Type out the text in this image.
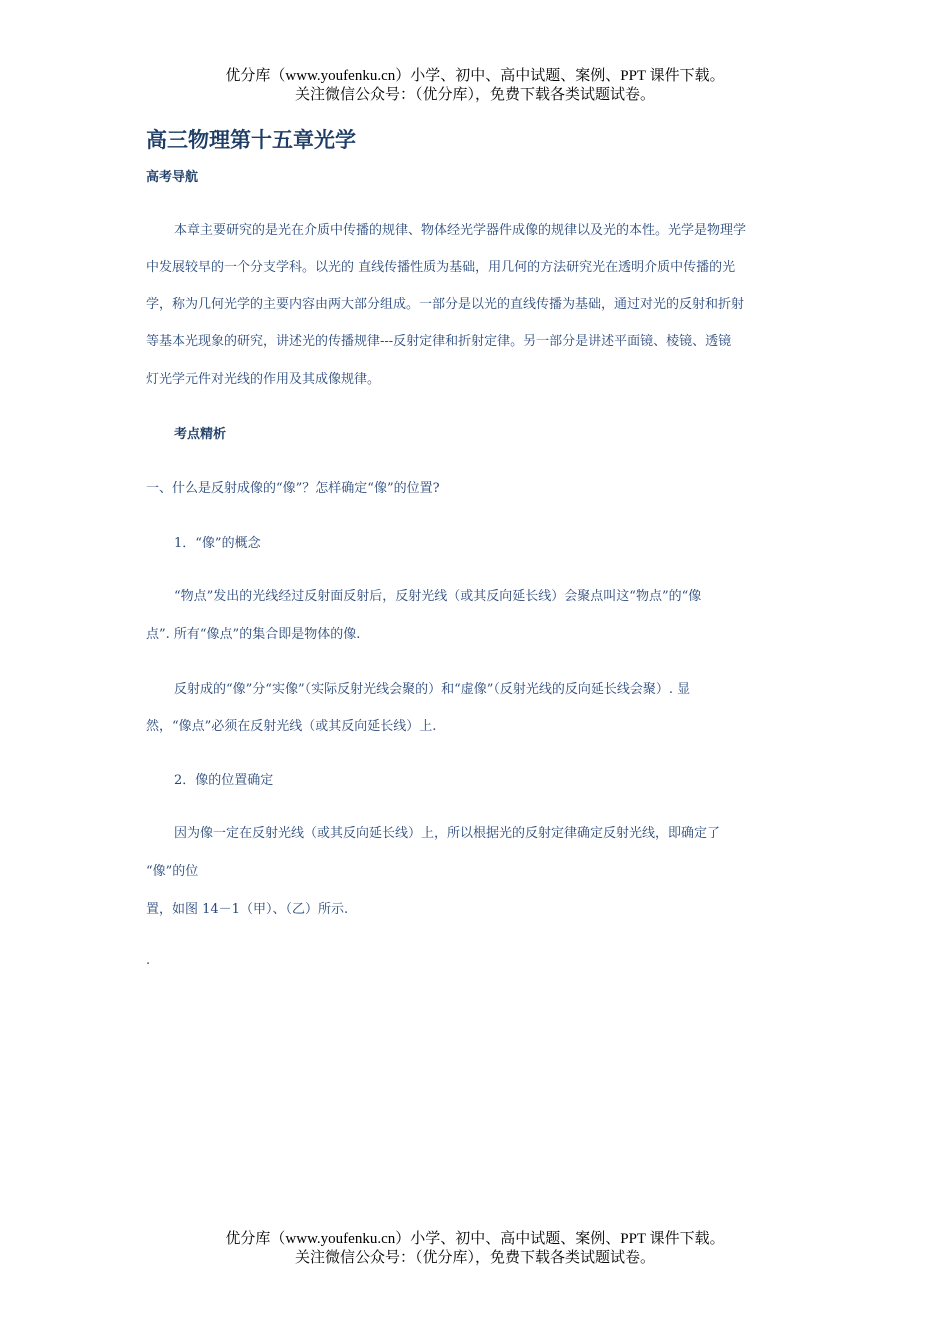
优分库（www.youfenku.cn）小学、初中、高中试题、案例、PPT 课件下载。
关注微信公众号：（优分库），免费下载各类试题试卷。
高三物理第十五章光学
高考导航
本章主要研究的是光在介质中传播的规律、物体经光学器件成像的规律以及光的本性。光学是物理学
中发展较早的一个分支学科。以光的 直线传播性质为基础，用几何的方法研究光在透明介质中传播的光
学，称为几何光学的主要内容由两大部分组成。一部分是以光的直线传播为基础，通过对光的反射和折射
等基本光现象的研究，讲述光的传播规律---反射定律和折射定律。另一部分是讲述平面镜、棱镜、透镜
灯光学元件对光线的作用及其成像规律。
考点精析
一、什么是反射成像的“像”？怎样确定“像”的位置?
1．“像”的概念
“物点”发出的光线经过反射面反射后，反射光线（或其反向延长线）会聚点叫这“物点”的“像
点”. 所有“像点”的集合即是物体的像.
反射成的“像”分“实像”（实际反射光线会聚的）和“虚像”（反射光线的反向延长线会聚）. 显
然，“像点”必须在反射光线（或其反向延长线）上.
2．像的位置确定
因为像一定在反射光线（或其反向延长线）上，所以根据光的反射定律确定反射光线，即确定了
“像”的位
置，如图 14－1（甲）、（乙）所示.
.
优分库（www.youfenku.cn）小学、初中、高中试题、案例、PPT 课件下载。
关注微信公众号：（优分库），免费下载各类试题试卷。
